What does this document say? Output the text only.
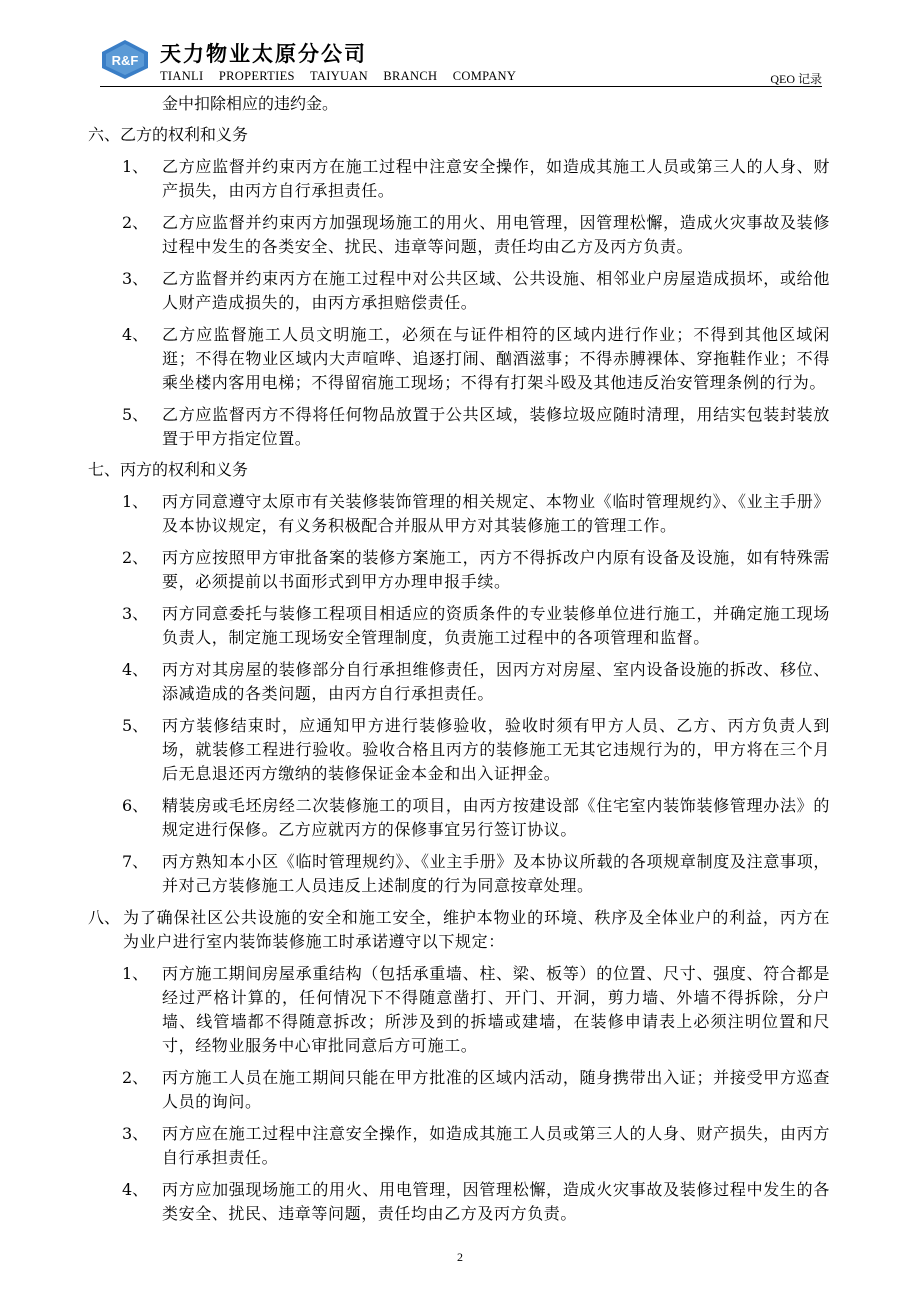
R&F 天力物业太原分公司
TIANLI PROPERTIES TAIYUAN BRANCH COMPANY	QEO 记录
金中扣除相应的违约金。
六、乙方的权利和义务
1、 乙方应监督并约束丙方在施工过程中注意安全操作，如造成其施工人员或第三人的人身、财产损失，由丙方自行承担责任。
2、 乙方应监督并约束丙方加强现场施工的用火、用电管理，因管理松懈，造成火灾事故及装修过程中发生的各类安全、扰民、违章等问题，责任均由乙方及丙方负责。
3、 乙方监督并约束丙方在施工过程中对公共区域、公共设施、相邻业户房屋造成损坏，或给他人财产造成损失的，由丙方承担赔偿责任。
4、 乙方应监督施工人员文明施工，必须在与证件相符的区域内进行作业；不得到其他区域闲逛；不得在物业区域内大声喧哗、追逐打闹、酗酒滋事；不得赤膊裸体、穿拖鞋作业；不得乘坐楼内客用电梯；不得留宿施工现场；不得有打架斗殴及其他违反治安管理条例的行为。
5、 乙方应监督丙方不得将任何物品放置于公共区域，装修垃圾应随时清理，用结实包装封装放置于甲方指定位置。
七、丙方的权利和义务
1、 丙方同意遵守太原市有关装修装饰管理的相关规定、本物业《临时管理规约》、《业主手册》及本协议规定，有义务积极配合并服从甲方对其装修施工的管理工作。
2、 丙方应按照甲方审批备案的装修方案施工，丙方不得拆改户内原有设备及设施，如有特殊需要，必须提前以书面形式到甲方办理申报手续。
3、 丙方同意委托与装修工程项目相适应的资质条件的专业装修单位进行施工，并确定施工现场负责人，制定施工现场安全管理制度，负责施工过程中的各项管理和监督。
4、 丙方对其房屋的装修部分自行承担维修责任，因丙方对房屋、室内设备设施的拆改、移位、添减造成的各类问题，由丙方自行承担责任。
5、 丙方装修结束时，应通知甲方进行装修验收，验收时须有甲方人员、乙方、丙方负责人到场，就装修工程进行验收。验收合格且丙方的装修施工无其它违规行为的，甲方将在三个月后无息退还丙方缴纳的装修保证金本金和出入证押金。
6、 精装房或毛坯房经二次装修施工的项目，由丙方按建设部《住宅室内装饰装修管理办法》的规定进行保修。乙方应就丙方的保修事宜另行签订协议。
7、 丙方熟知本小区《临时管理规约》、《业主手册》及本协议所载的各项规章制度及注意事项，并对己方装修施工人员违反上述制度的行为同意按章处理。
八、 为了确保社区公共设施的安全和施工安全，维护本物业的环境、秩序及全体业户的利益，丙方在为业户进行室内装饰装修施工时承诺遵守以下规定：
1、 丙方施工期间房屋承重结构（包括承重墙、柱、梁、板等）的位置、尺寸、强度、符合都是经过严格计算的，任何情况下不得随意凿打、开门、开洞，剪力墙、外墙不得拆除，分户墙、线管墙都不得随意拆改；所涉及到的拆墙或建墙，在装修申请表上必须注明位置和尺寸，经物业服务中心审批同意后方可施工。
2、 丙方施工人员在施工期间只能在甲方批准的区域内活动，随身携带出入证；并接受甲方巡查人员的询问。
3、 丙方应在施工过程中注意安全操作，如造成其施工人员或第三人的人身、财产损失，由丙方自行承担责任。
4、 丙方应加强现场施工的用火、用电管理，因管理松懈，造成火灾事故及装修过程中发生的各类安全、扰民、违章等问题，责任均由乙方及丙方负责。
2
